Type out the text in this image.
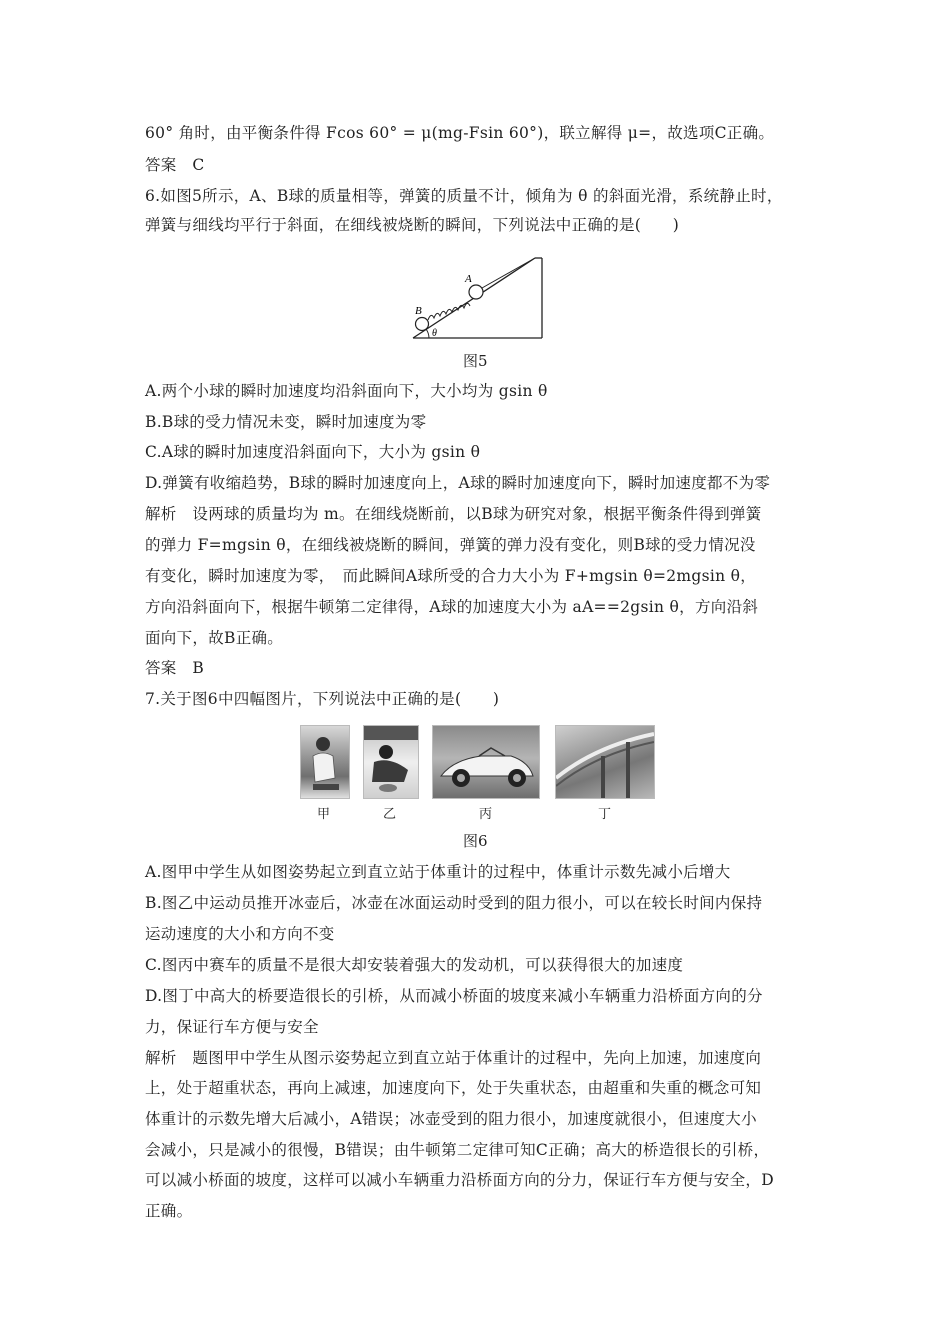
60° 角时，由平衡条件得 Fcos 60° = μ(mg-Fsin 60°)，联立解得 μ=，故选项C正确。
答案　C
6.如图5所示，A、B球的质量相等，弹簧的质量不计，倾角为 θ 的斜面光滑，系统静止时，
弹簧与细线均平行于斜面，在细线被烧断的瞬间，下列说法中正确的是(　　)
A
B
θ
图5
A.两个小球的瞬时加速度均沿斜面向下，大小均为 gsin θ
B.B球的受力情况未变，瞬时加速度为零
C.A球的瞬时加速度沿斜面向下，大小为 gsin θ
D.弹簧有收缩趋势，B球的瞬时加速度向上，A球的瞬时加速度向下，瞬时加速度都不为零
解析　设两球的质量均为 m。在细线烧断前，以B球为研究对象，根据平衡条件得到弹簧
的弹力 F=mgsin θ，在细线被烧断的瞬间，弹簧的弹力没有变化，则B球的受力情况没
有变化，瞬时加速度为零，　而此瞬间A球所受的合力大小为 F+mgsin θ=2mgsin θ，
方向沿斜面向下，根据牛顿第二定律得，A球的加速度大小为 aA==2gsin θ，方向沿斜
面向下，故B正确。
答案　B
7.关于图6中四幅图片，下列说法中正确的是(　　)
甲	乙	丙	丁
图6
A.图甲中学生从如图姿势起立到直立站于体重计的过程中，体重计示数先减小后增大
B.图乙中运动员推开冰壶后，冰壶在冰面运动时受到的阻力很小，可以在较长时间内保持
运动速度的大小和方向不变
C.图丙中赛车的质量不是很大却安装着强大的发动机，可以获得很大的加速度
D.图丁中高大的桥要造很长的引桥，从而减小桥面的坡度来减小车辆重力沿桥面方向的分
力，保证行车方便与安全
解析　题图甲中学生从图示姿势起立到直立站于体重计的过程中，先向上加速，加速度向
上，处于超重状态，再向上减速，加速度向下，处于失重状态，由超重和失重的概念可知
体重计的示数先增大后减小，A错误；冰壶受到的阻力很小，加速度就很小，但速度大小
会减小，只是减小的很慢，B错误；由牛顿第二定律可知C正确；高大的桥造很长的引桥，
可以减小桥面的坡度，这样可以减小车辆重力沿桥面方向的分力，保证行车方便与安全，D
正确。
